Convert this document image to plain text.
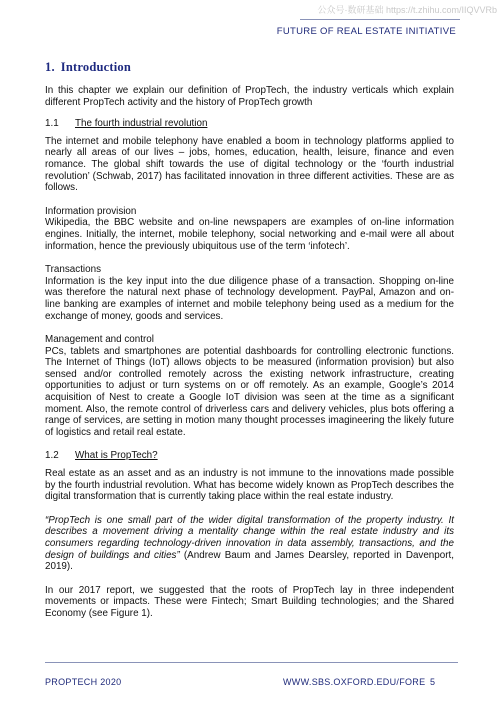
公众号·数研基础 https://t.zhihu.com/IIQVVRb
FUTURE OF REAL ESTATE INITIATIVE
1. Introduction

In this chapter we explain our definition of PropTech, the industry verticals which explain different PropTech activity and the history of PropTech growth

1.1 The fourth industrial revolution

The internet and mobile telephony have enabled a boom in technology platforms applied to nearly all areas of our lives – jobs, homes, education, health, leisure, finance and even romance. The global shift towards the use of digital technology or the ‘fourth industrial revolution’ (Schwab, 2017) has facilitated innovation in three different activities. These are as follows.

Information provision

Wikipedia, the BBC website and on-line newspapers are examples of on-line information engines. Initially, the internet, mobile telephony, social networking and e-mail were all about information, hence the previously ubiquitous use of the term ‘infotech’.

Transactions

Information is the key input into the due diligence phase of a transaction. Shopping on-line was therefore the natural next phase of technology development. PayPal, Amazon and on-line banking are examples of internet and mobile telephony being used as a medium for the exchange of money, goods and services.

Management and control

PCs, tablets and smartphones are potential dashboards for controlling electronic functions. The Internet of Things (IoT) allows objects to be measured (information provision) but also sensed and/or controlled remotely across the existing network infrastructure, creating opportunities to adjust or turn systems on or off remotely. As an example, Google’s 2014 acquisition of Nest to create a Google IoT division was seen at the time as a significant moment. Also, the remote control of driverless cars and delivery vehicles, plus bots offering a range of services, are setting in motion many thought processes imagineering the likely future of logistics and retail real estate.

1.2 What is PropTech?

Real estate as an asset and as an industry is not immune to the innovations made possible by the fourth industrial revolution. What has become widely known as PropTech describes the digital transformation that is currently taking place within the real estate industry.

“PropTech is one small part of the wider digital transformation of the property industry. It describes a movement driving a mentality change within the real estate industry and its consumers regarding technology-driven innovation in data assembly, transactions, and the design of buildings and cities” (Andrew Baum and James Dearsley, reported in Davenport, 2019).

In our 2017 report, we suggested that the roots of PropTech lay in three independent movements or impacts. These were Fintech; Smart Building technologies; and the Shared Economy (see Figure 1).

PROPTECH 2020	WWW.SBS.OXFORD.EDU/FORE 5
